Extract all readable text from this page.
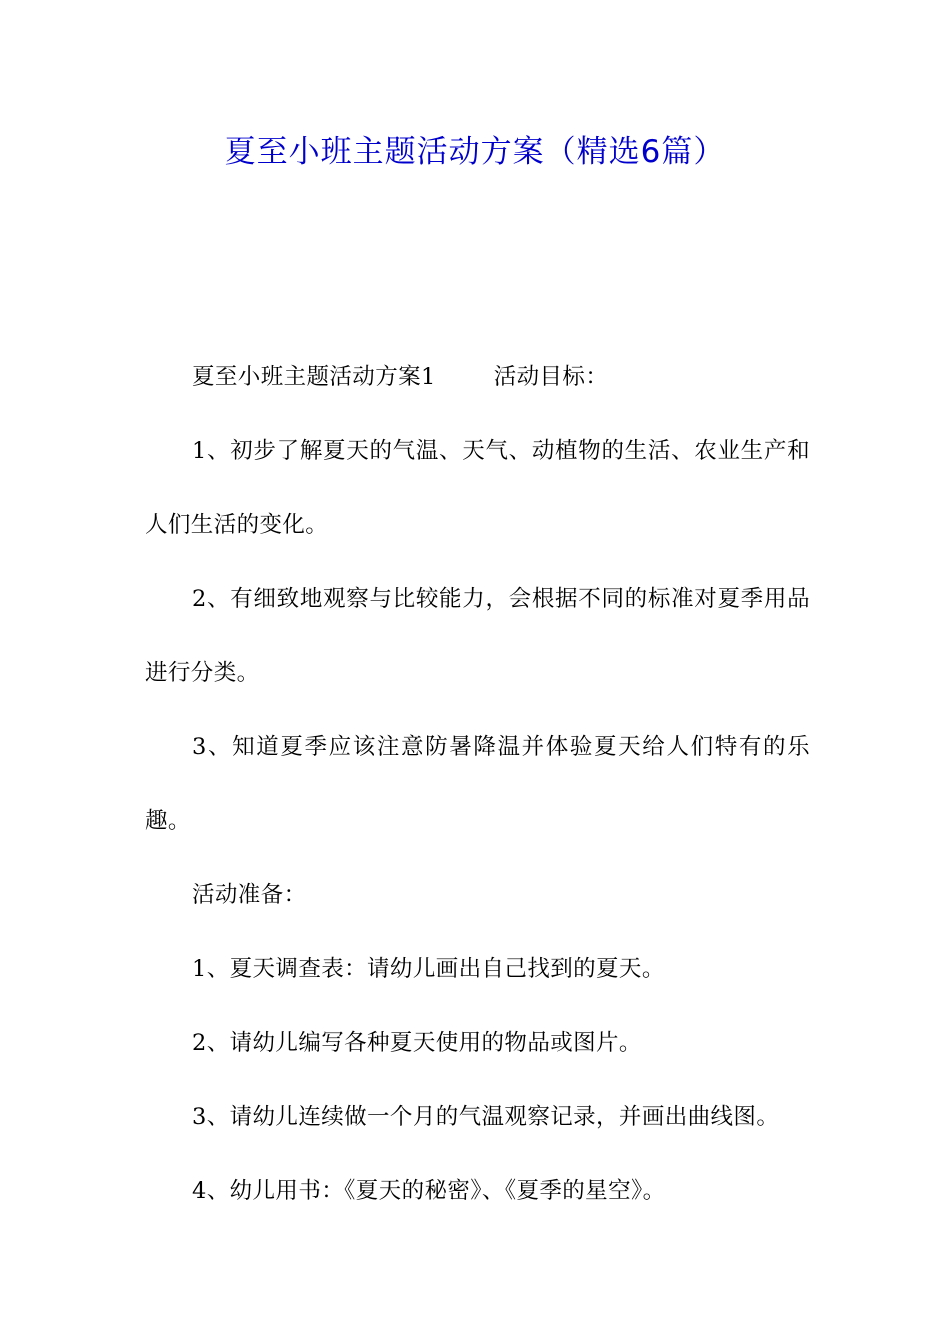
夏至小班主题活动方案（精选6篇）

夏至小班主题活动方案1	活动目标：

1、初步了解夏天的气温、天气、动植物的生活、农业生产和人们生活的变化。

2、有细致地观察与比较能力，会根据不同的标准对夏季用品进行分类。

3、知道夏季应该注意防暑降温并体验夏天给人们特有的乐趣。

活动准备：

1、夏天调查表：请幼儿画出自己找到的夏天。

2、请幼儿编写各种夏天使用的物品或图片。

3、请幼儿连续做一个月的气温观察记录，并画出曲线图。

4、幼儿用书：《夏天的秘密》、《夏季的星空》。
